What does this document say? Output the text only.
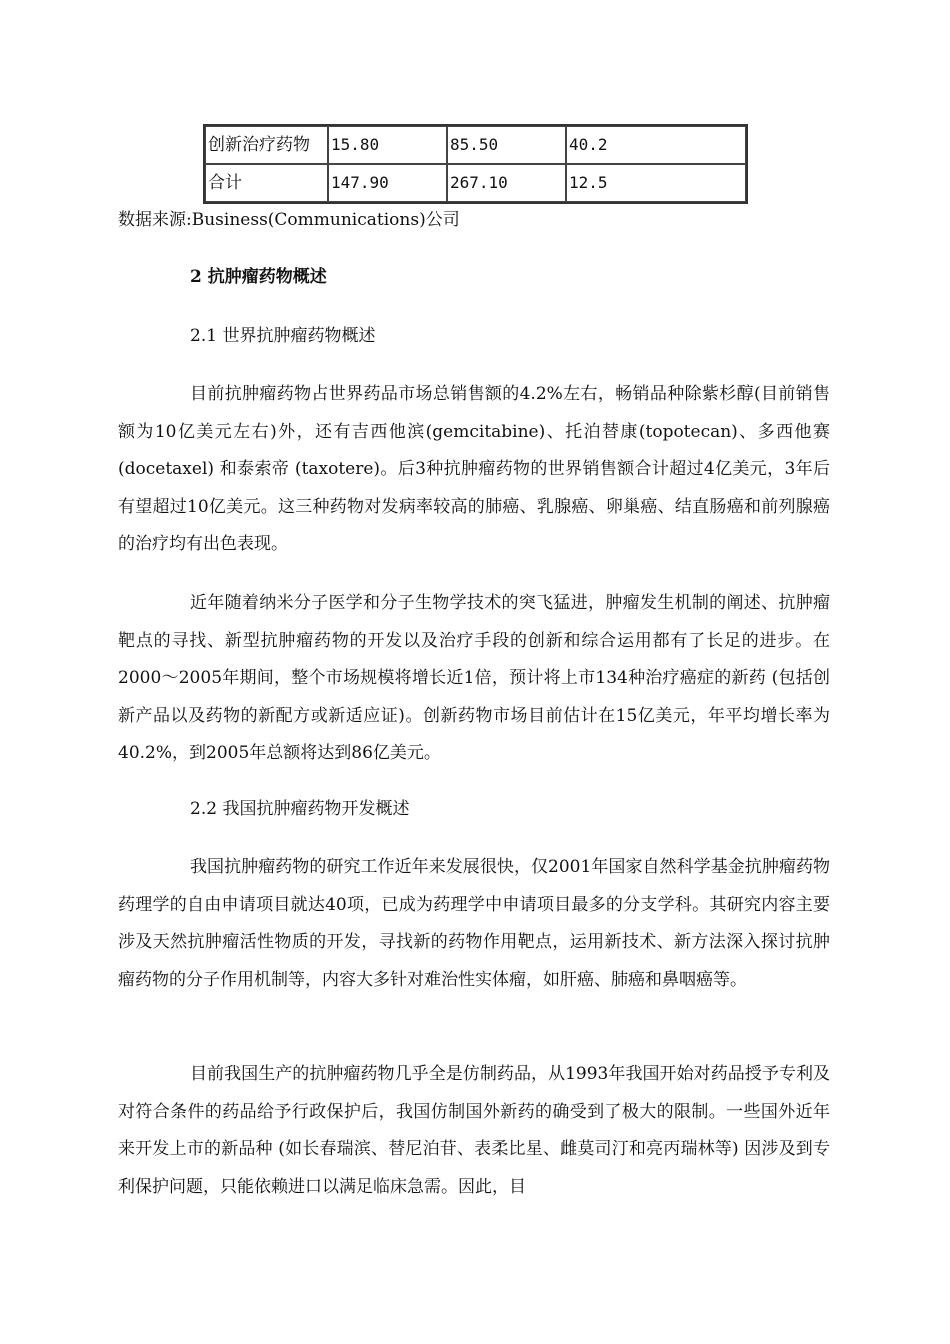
创新治疗药物	15.80	85.50	40.2
合计	147.90	267.10	12.5
数据来源:Business(Communications)公司
2 抗肿瘤药物概述
2.1 世界抗肿瘤药物概述
目前抗肿瘤药物占世界药品市场总销售额的4.2%左右，畅销品种除紫杉醇(目前销售额为10亿美元左右)外，还有吉西他滨(gemcitabine)、托泊替康(topotecan)、多西他赛 (docetaxel) 和泰索帝 (taxotere)。后3种抗肿瘤药物的世界销售额合计超过4亿美元，3年后有望超过10亿美元。这三种药物对发病率较高的肺癌、乳腺癌、卵巢癌、结直肠癌和前列腺癌的治疗均有出色表现。
近年随着纳米分子医学和分子生物学技术的突飞猛进，肿瘤发生机制的阐述、抗肿瘤靶点的寻找、新型抗肿瘤药物的开发以及治疗手段的创新和综合运用都有了长足的进步。在2000～2005年期间，整个市场规模将增长近1倍，预计将上市134种治疗癌症的新药 (包括创新产品以及药物的新配方或新适应证)。创新药物市场目前估计在15亿美元，年平均增长率为40.2%，到2005年总额将达到86亿美元。
2.2 我国抗肿瘤药物开发概述
我国抗肿瘤药物的研究工作近年来发展很快，仅2001年国家自然科学基金抗肿瘤药物药理学的自由申请项目就达40项，已成为药理学中申请项目最多的分支学科。其研究内容主要涉及天然抗肿瘤活性物质的开发，寻找新的药物作用靶点，运用新技术、新方法深入探讨抗肿瘤药物的分子作用机制等，内容大多针对难治性实体瘤，如肝癌、肺癌和鼻咽癌等。
目前我国生产的抗肿瘤药物几乎全是仿制药品，从1993年我国开始对药品授予专利及对符合条件的药品给予行政保护后，我国仿制国外新药的确受到了极大的限制。一些国外近年来开发上市的新品种 (如长春瑞滨、替尼泊苷、表柔比星、雌莫司汀和亮丙瑞林等) 因涉及到专利保护问题，只能依赖进口以满足临床急需。因此，目
